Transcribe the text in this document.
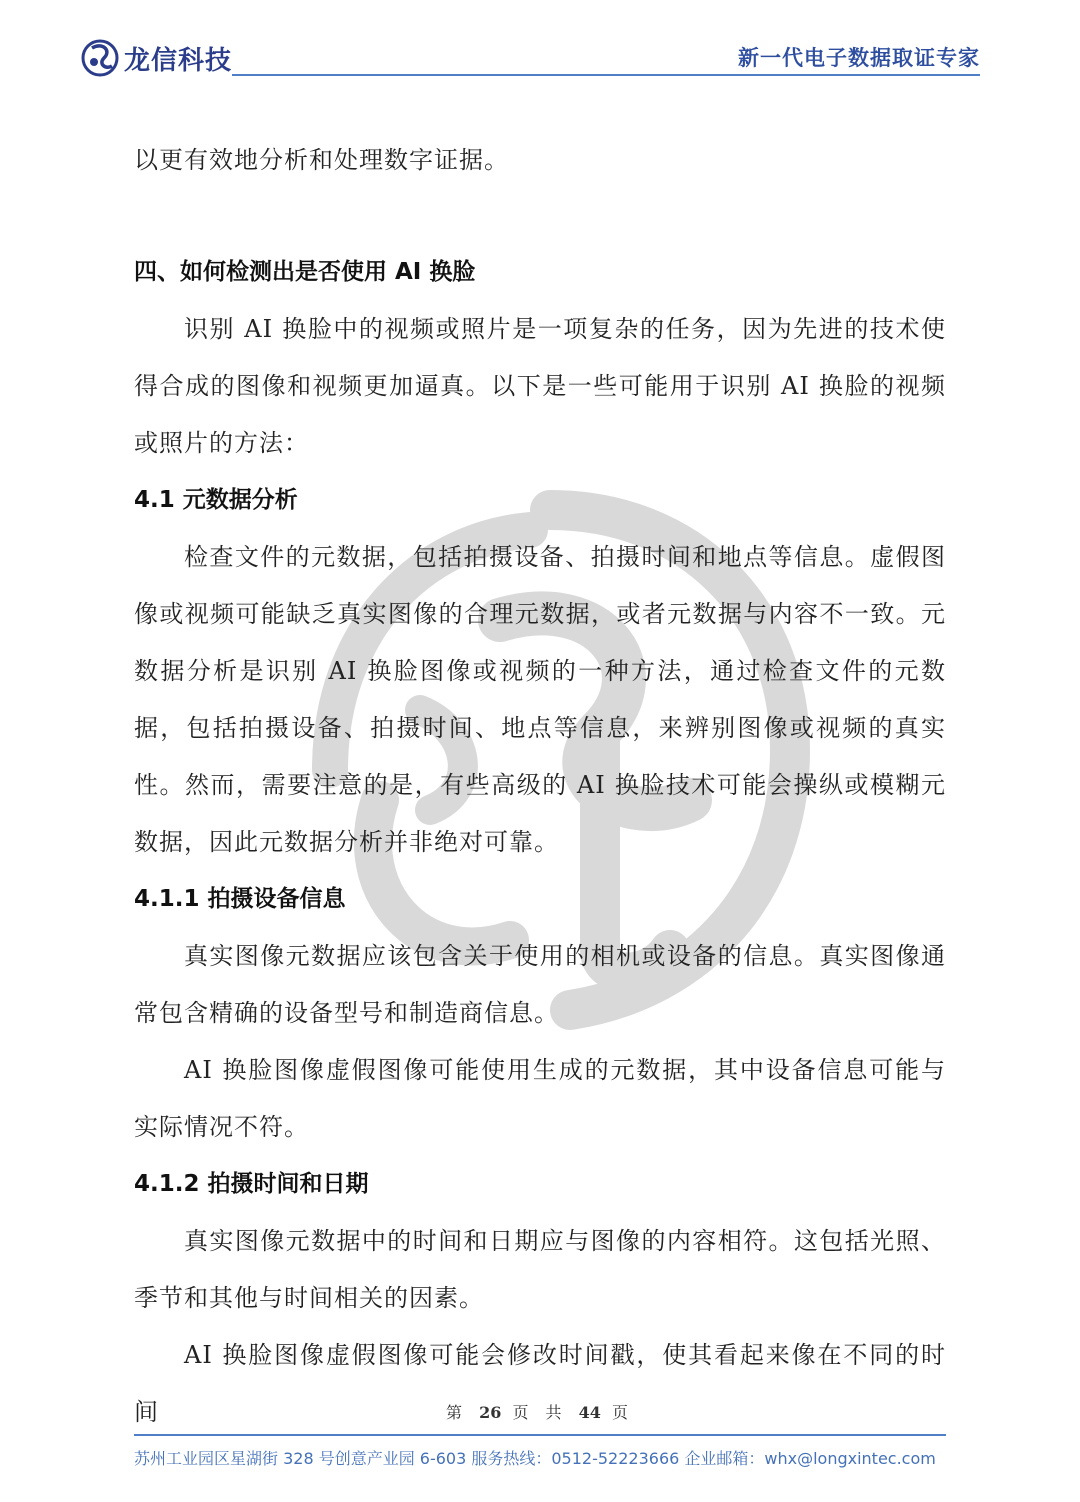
龙信科技	新一代电子数据取证专家

以更有效地分析和处理数字证据。

四、如何检测出是否使用 AI 换脸

识别 AI 换脸中的视频或照片是一项复杂的任务，因为先进的技术使得合成的图像和视频更加逼真。以下是一些可能用于识别 AI 换脸的视频或照片的方法：

4.1 元数据分析

检查文件的元数据，包括拍摄设备、拍摄时间和地点等信息。虚假图像或视频可能缺乏真实图像的合理元数据，或者元数据与内容不一致。元数据分析是识别 AI 换脸图像或视频的一种方法，通过检查文件的元数据，包括拍摄设备、拍摄时间、地点等信息，来辨别图像或视频的真实性。然而，需要注意的是，有些高级的 AI 换脸技术可能会操纵或模糊元数据，因此元数据分析并非绝对可靠。

4.1.1 拍摄设备信息

真实图像元数据应该包含关于使用的相机或设备的信息。真实图像通常包含精确的设备型号和制造商信息。

AI 换脸图像虚假图像可能使用生成的元数据，其中设备信息可能与实际情况不符。

4.1.2 拍摄时间和日期

真实图像元数据中的时间和日期应与图像的内容相符。这包括光照、季节和其他与时间相关的因素。

AI 换脸图像虚假图像可能会修改时间戳，使其看起来像在不同的时间	第 26 页 共 44 页
苏州工业园区星湖街 328 号创意产业园 6-603 服务热线：0512-52223666 企业邮箱：whx@longxintec.com
